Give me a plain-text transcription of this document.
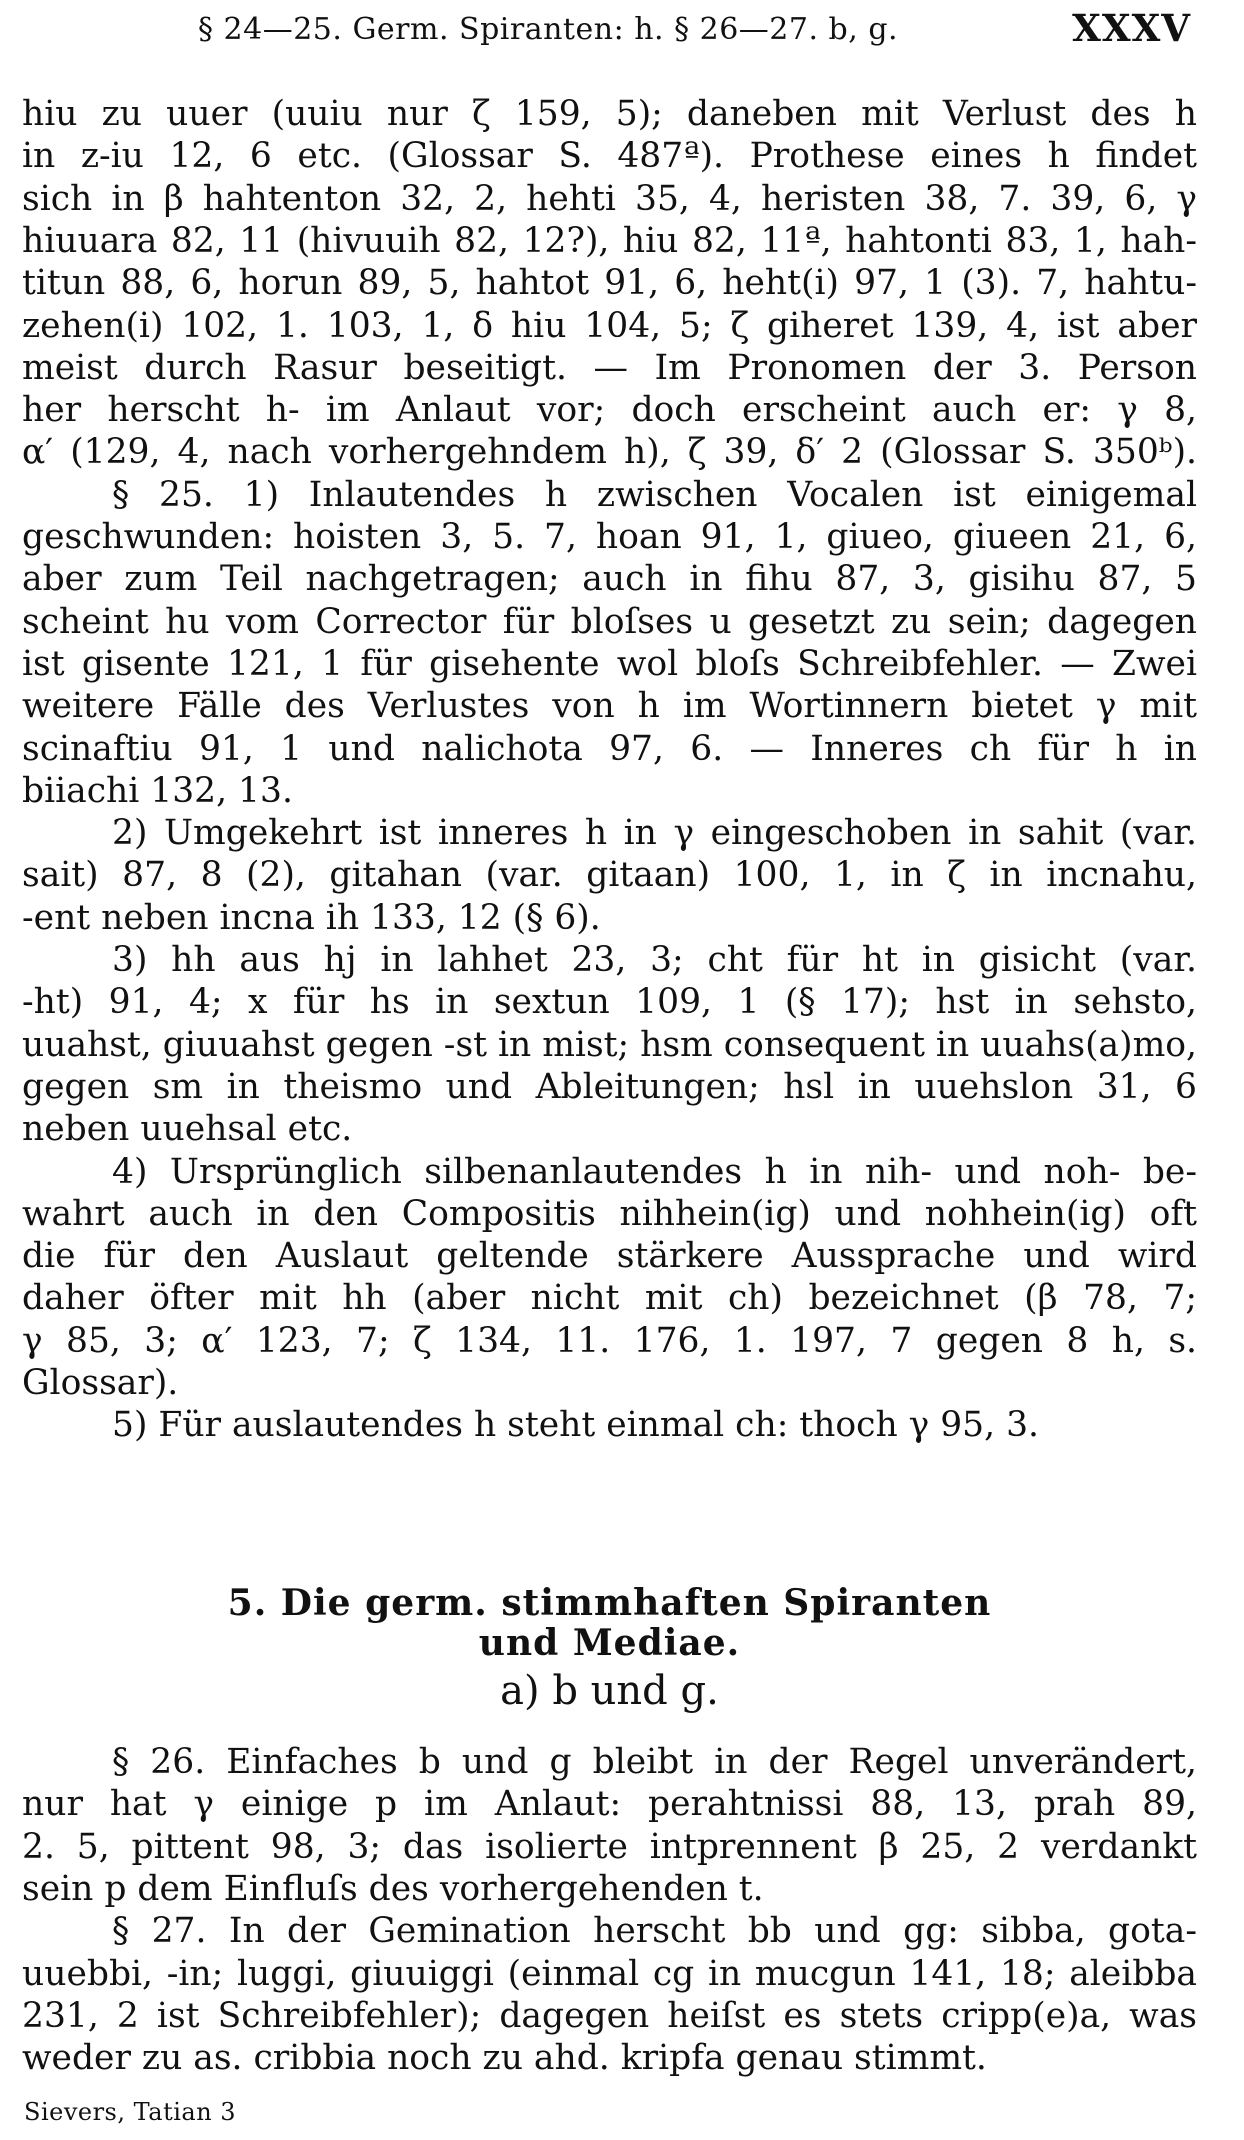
§ 24—25. Germ. Spiranten: h. § 26—27. b, g.	XXXV
hiu zu uuer (uuiu nur ζ 159, 5); daneben mit Verlust des h
in z-iu 12, 6 etc. (Glossar S. 487ª). Prothese eines h findet
sich in β hahtenton 32, 2, hehti 35, 4, heristen 38, 7. 39, 6, γ
hiuuara 82, 11 (hivuuih 82, 12?), hiu 82, 11ª, hahtonti 83, 1, hah-
titun 88, 6, horun 89, 5, hahtot 91, 6, heht(i) 97, 1 (3). 7, hahtu-
zehen(i) 102, 1. 103, 1, δ hiu 104, 5; ζ giheret 139, 4, ist aber
meist durch Rasur beseitigt. — Im Pronomen der 3. Person
her herscht h- im Anlaut vor; doch erscheint auch er: γ 8,
α′ (129, 4, nach vorhergehndem h), ζ 39, δ′ 2 (Glossar S. 350ᵇ).
§ 25. 1) Inlautendes h zwischen Vocalen ist einigemal
geschwunden: hoisten 3, 5. 7, hoan 91, 1, giueo, giueen 21, 6,
aber zum Teil nachgetragen; auch in fihu 87, 3, gisihu 87, 5
scheint hu vom Corrector für bloſses u gesetzt zu sein; dagegen
ist gisente 121, 1 für gisehente wol bloſs Schreibfehler. — Zwei
weitere Fälle des Verlustes von h im Wortinnern bietet γ mit
scinaftiu 91, 1 und nalichota 97, 6. — Inneres ch für h in
biiachi 132, 13.
2) Umgekehrt ist inneres h in γ eingeschoben in sahit (var.
sait) 87, 8 (2), gitahan (var. gitaan) 100, 1, in ζ in incnahu,
-ent neben incna ih 133, 12 (§ 6).
3) hh aus hj in lahhet 23, 3; cht für ht in gisicht (var.
-ht) 91, 4; x für hs in sextun 109, 1 (§ 17); hst in sehsto,
uuahst, giuuahst gegen -st in mist; hsm consequent in uuahs(a)mo,
gegen sm in theismo und Ableitungen; hsl in uuehslon 31, 6
neben uuehsal etc.
4) Ursprünglich silbenanlautendes h in nih- und noh- be-
wahrt auch in den Compositis nihhein(ig) und nohhein(ig) oft
die für den Auslaut geltende stärkere Aussprache und wird
daher öfter mit hh (aber nicht mit ch) bezeichnet (β 78, 7;
γ 85, 3; α′ 123, 7; ζ 134, 11. 176, 1. 197, 7 gegen 8 h, s.
Glossar).
5) Für auslautendes h steht einmal ch: thoch γ 95, 3.
5. Die germ. stimmhaften Spiranten
und Mediae.
a) b und g.
§ 26. Einfaches b und g bleibt in der Regel unverändert,
nur hat γ einige p im Anlaut: perahtnissi 88, 13, prah 89,
2. 5, pittent 98, 3; das isolierte intprennent β 25, 2 verdankt
sein p dem Einfluſs des vorhergehenden t.
§ 27. In der Gemination herscht bb und gg: sibba, gota-
uuebbi, -in; luggi, giuuiggi (einmal cg in mucgun 141, 18; aleibba
231, 2 ist Schreibfehler); dagegen heiſst es stets cripp(e)a, was
weder zu as. cribbia noch zu ahd. kripfa genau stimmt.
Sievers, Tatian 3
